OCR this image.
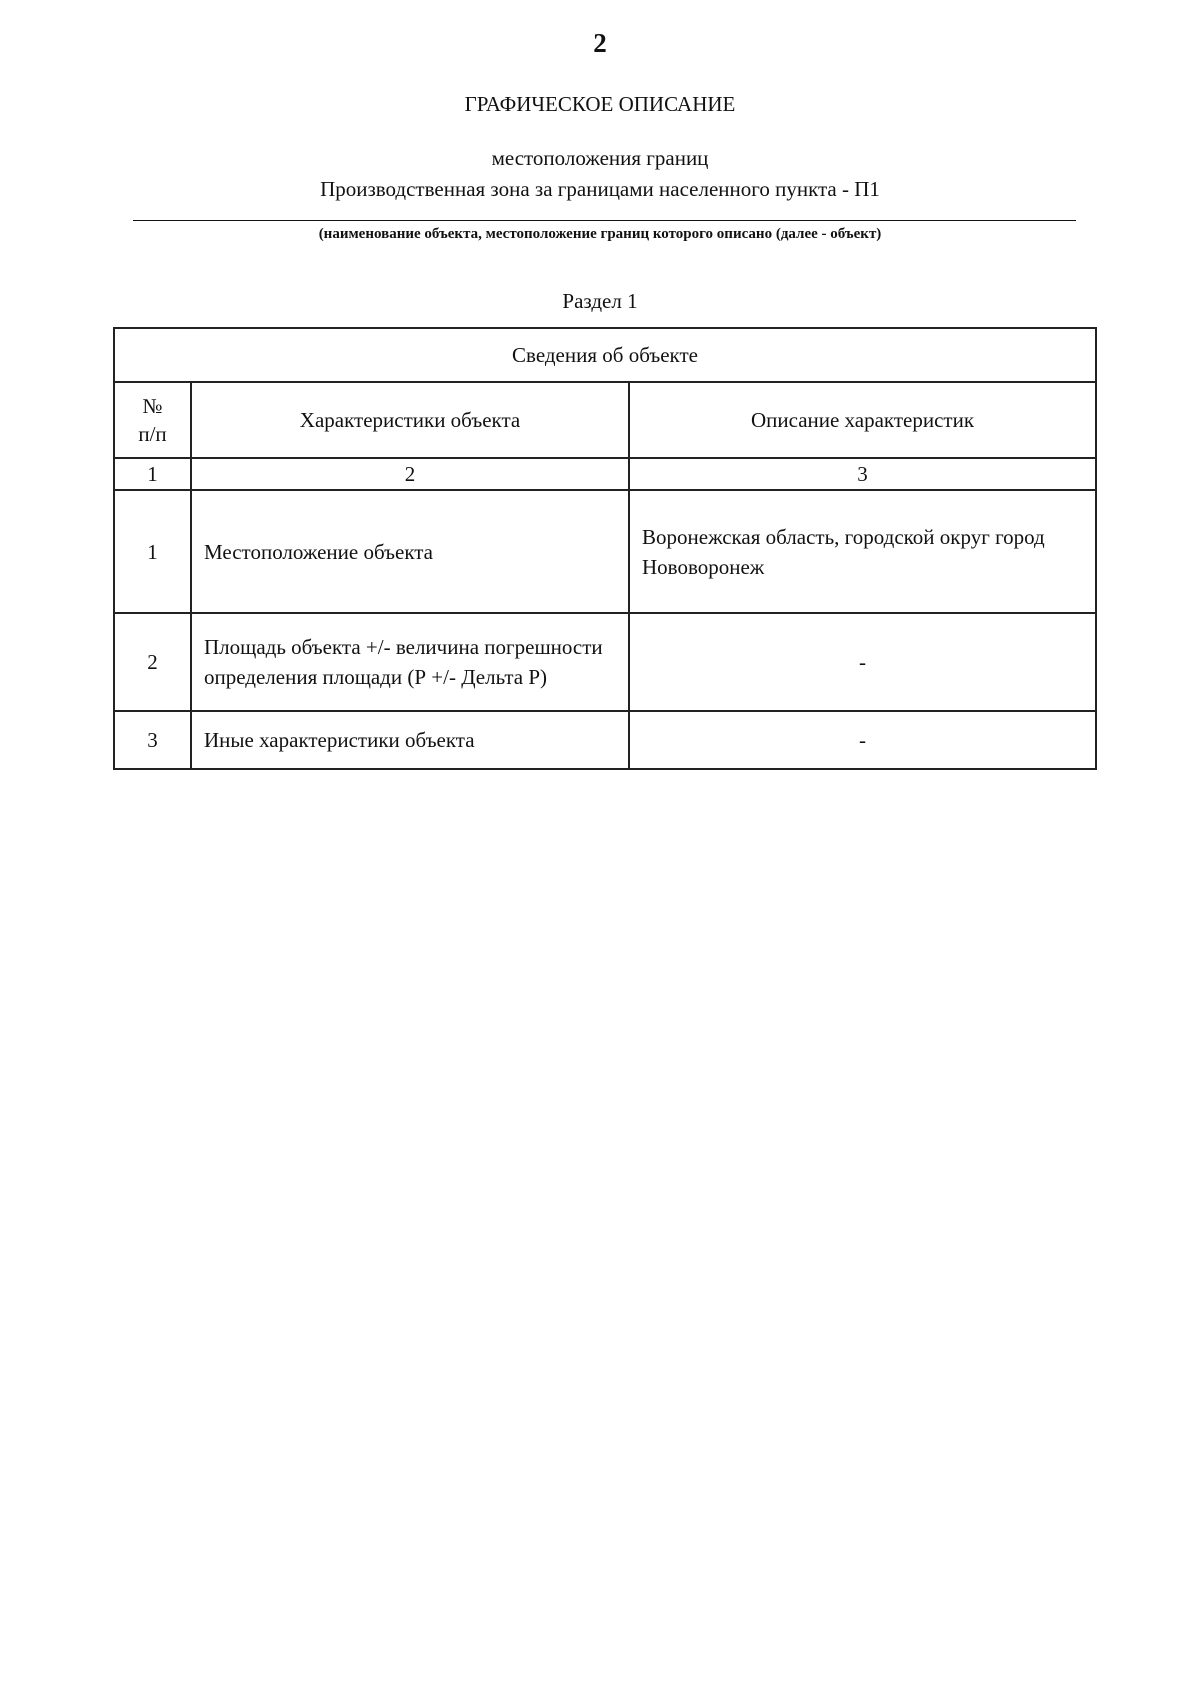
2
ГРАФИЧЕСКОЕ ОПИСАНИЕ
местоположения границ
Производственная зона за границами населенного пункта - П1
(наименование объекта, местоположение границ которого описано (далее - объект)
Раздел 1
Сведения об объекте		

№
п/п	Характеристики объекта	Описание характеристик
1	2	3
1	Местоположение объекта	Воронежская область, городской округ город Нововоронеж
2	Площадь объекта +/- величина погрешности определения площади (Р +/- Дельта Р)	-
3	Иные характеристики объекта	-
